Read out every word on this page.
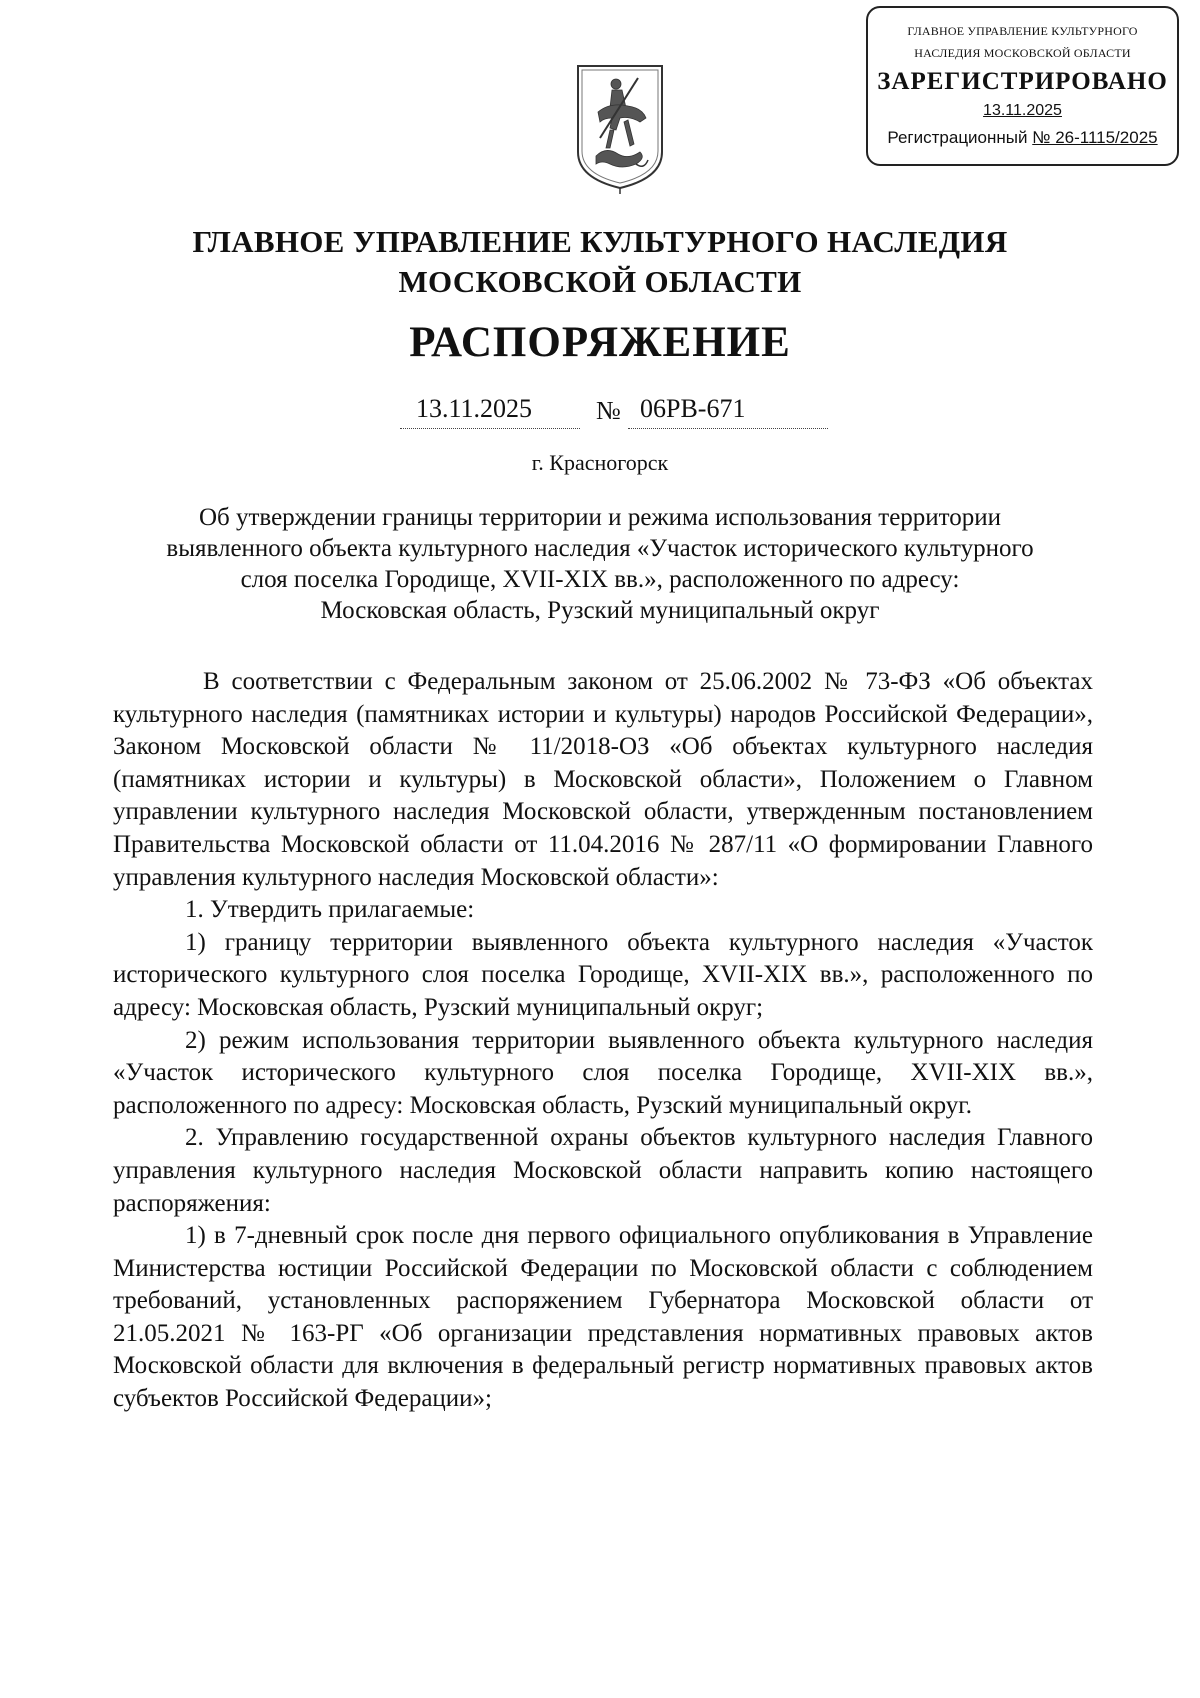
ГЛАВНОЕ УПРАВЛЕНИЕ КУЛЬТУРНОГО
НАСЛЕДИЯ МОСКОВСКОЙ ОБЛАСТИ
ЗАРЕГИСТРИРОВАНО
13.11.2025
Регистрационный № 26-1115/2025
ГЛАВНОЕ УПРАВЛЕНИЕ КУЛЬТУРНОГО НАСЛЕДИЯ
МОСКОВСКОЙ ОБЛАСТИ
РАСПОРЯЖЕНИЕ
13.11.2025 № 06РВ-671
г. Красногорск
Об утверждении границы территории и режима использования территории
выявленного объекта культурного наследия «Участок исторического культурного
слоя поселка Городище, XVII-XIX вв.», расположенного по адресу:
Московская область, Рузский муниципальный округ

В соответствии с Федеральным законом от 25.06.2002 № 73-ФЗ «Об объектах культурного наследия (памятниках истории и культуры) народов Российской Федерации», Законом Московской области № 11/2018-ОЗ «Об объектах культурного наследия (памятниках истории и культуры) в Московской области», Положением о Главном управлении культурного наследия Московской области, утвержденным постановлением Правительства Московской области от 11.04.2016 № 287/11 «О формировании Главного управления культурного наследия Московской области»:

1. Утвердить прилагаемые:

1) границу территории выявленного объекта культурного наследия «Участок исторического культурного слоя поселка Городище, XVII-XIX вв.», расположенного по адресу: Московская область, Рузский муниципальный округ;

2) режим использования территории выявленного объекта культурного наследия «Участок исторического культурного слоя поселка Городище, XVII-XIX вв.», расположенного по адресу: Московская область, Рузский муниципальный округ.

2. Управлению государственной охраны объектов культурного наследия Главного управления культурного наследия Московской области направить копию настоящего распоряжения:

1) в 7-дневный срок после дня первого официального опубликования в Управление Министерства юстиции Российской Федерации по Московской области с соблюдением требований, установленных распоряжением Губернатора Московской области от 21.05.2021 № 163-РГ «Об организации представления нормативных правовых актов Московской области для включения в федеральный регистр нормативных правовых актов субъектов Российской Федерации»;
